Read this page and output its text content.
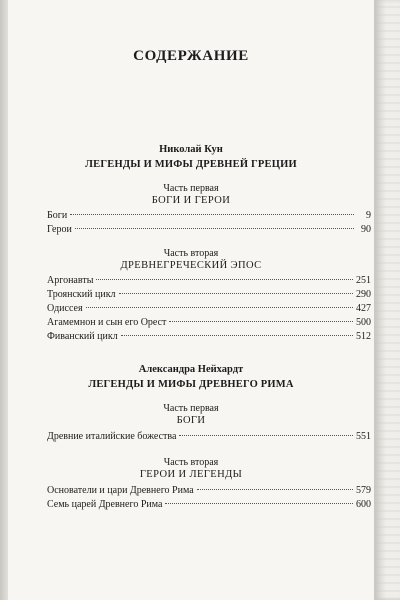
СОДЕРЖАНИЕ
Николай Кун
ЛЕГЕНДЫ И МИФЫ ДРЕВНЕЙ ГРЕЦИИ
Часть первая
БОГИ И ГЕРОИ
Боги	9
Герои	90
Часть вторая
ДРЕВНЕГРЕЧЕСКИЙ ЭПОС
Аргонавты	251
Троянский цикл	290
Одиссея	427
Агамемнон и сын его Орест	500
Фиванский цикл	512
Александра Нейхардт
ЛЕГЕНДЫ И МИФЫ ДРЕВНЕГО РИМА
Часть первая
БОГИ
Древние италийские божества	551
Часть вторая
ГЕРОИ И ЛЕГЕНДЫ
Основатели и цари Древнего Рима	579
Семь царей Древнего Рима	600
